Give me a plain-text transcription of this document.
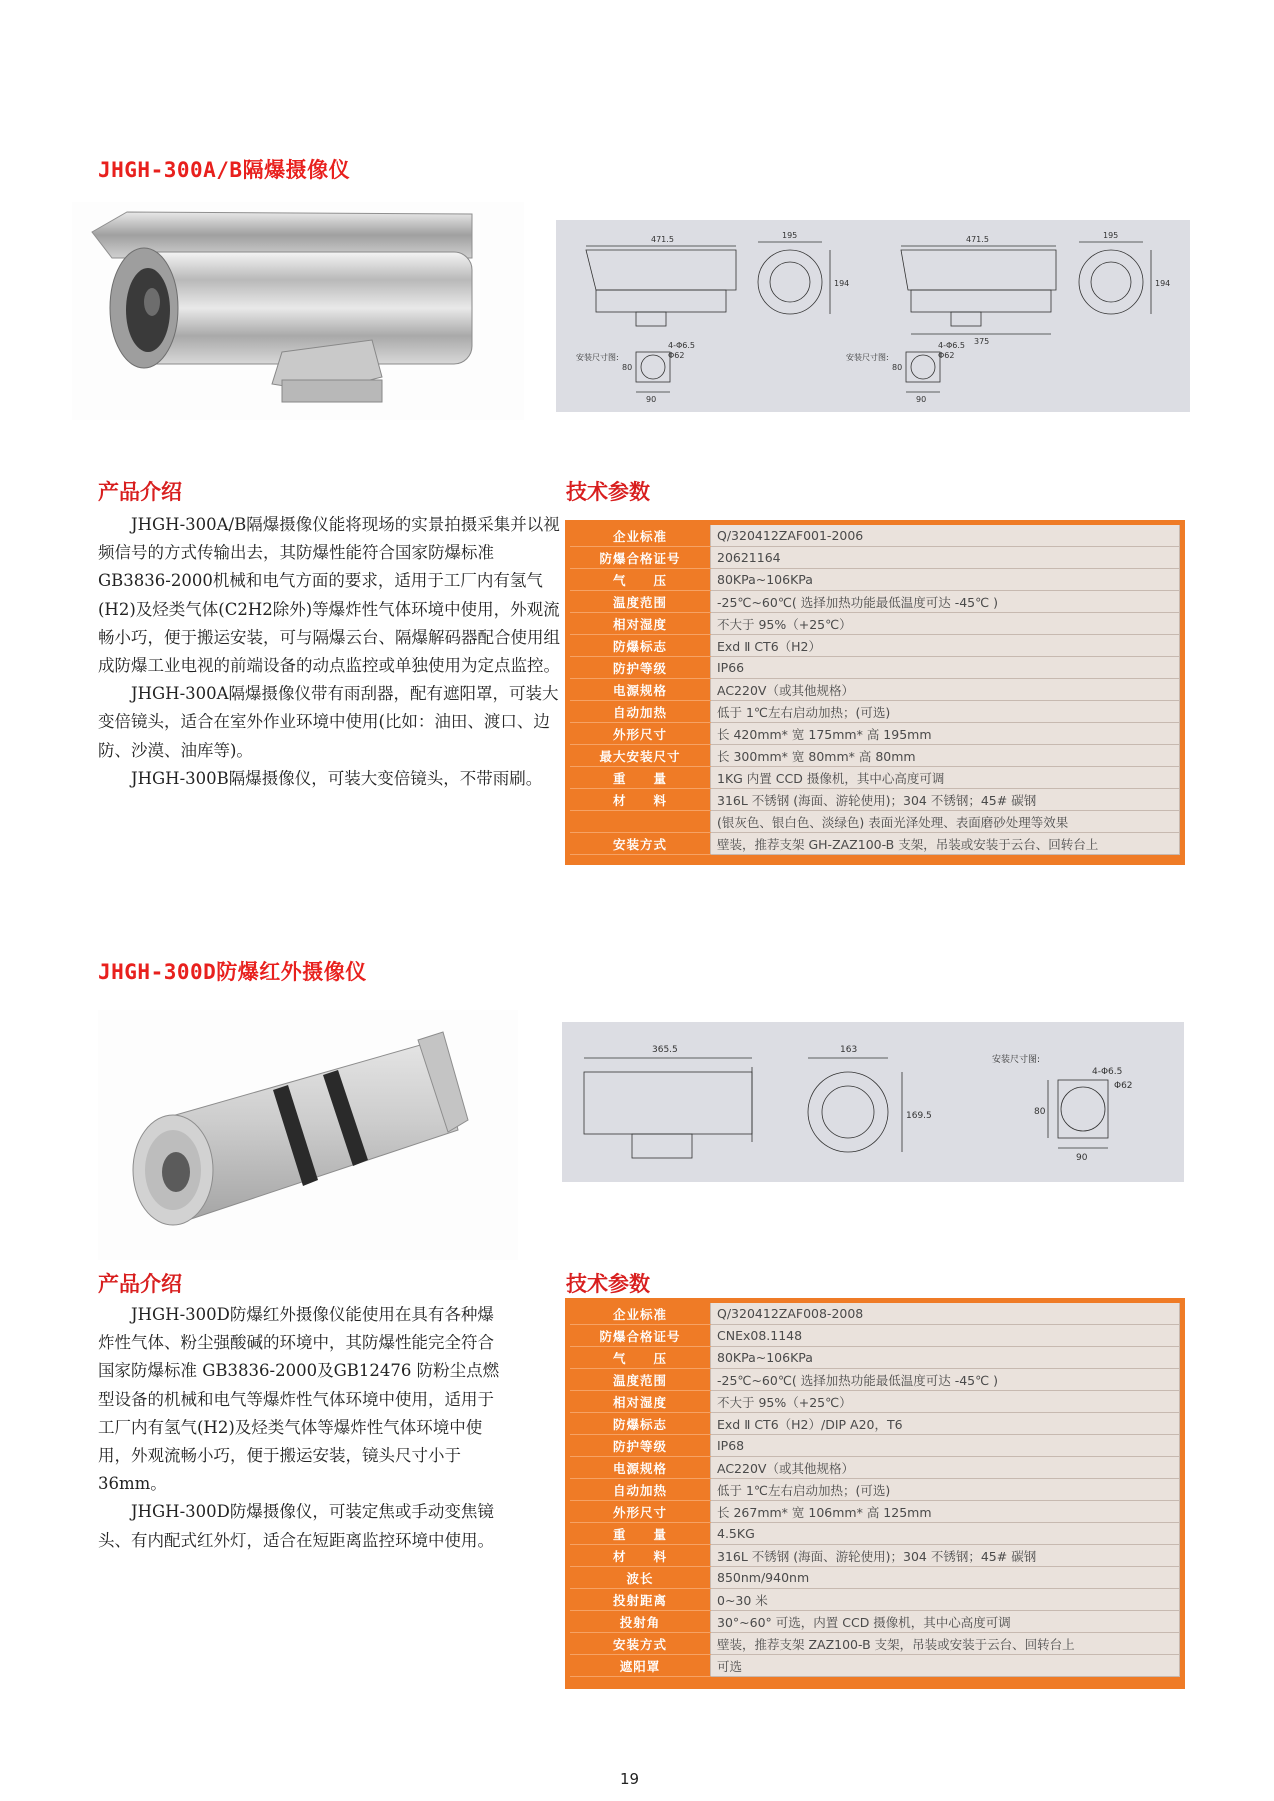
JHGH-300A/B隔爆摄像仪
471.5	195
194
安装尺寸图:
4-Φ6.5
Φ62
80
90
471.5	195
194
375
安装尺寸图:
4-Φ6.5
Φ62
80
90
产品介绍	技术参数

JHGH-300A/B隔爆摄像仪能将现场的实景拍摄采集并以视频信号的方式传输出去，其防爆性能符合国家防爆标准 GB3836-2000机械和电气方面的要求，适用于工厂内有氢气(H2)及烃类气体(C2H2除外)等爆炸性气体环境中使用，外观流畅小巧，便于搬运安装，可与隔爆云台、隔爆解码器配合使用组成防爆工业电视的前端设备的动点监控或单独使用为定点监控。

JHGH-300A隔爆摄像仪带有雨刮器，配有遮阳罩，可装大变倍镜头，适合在室外作业环境中使用(比如：油田、渡口、边防、沙漠、油库等)。

JHGH-300B隔爆摄像仪，可装大变倍镜头，不带雨刷。

企业标准	Q/320412ZAF001-2006
防爆合格证号	20621164
气　　压	80KPa~106KPa
温度范围	-25℃~60℃( 选择加热功能最低温度可达 -45℃ )
相对湿度	不大于 95%（+25℃）
防爆标志	Exd Ⅱ CT6（H2）
防护等级	IP66
电源规格	AC220V（或其他规格）
自动加热	低于 1℃左右启动加热；(可选)
外形尺寸	长 420mm* 宽 175mm* 高 195mm
最大安装尺寸	长 300mm* 宽 80mm* 高 80mm
重　　量	1KG 内置 CCD 摄像机，其中心高度可调
材　　料	316L 不锈钢 (海面、游轮使用)；304 不锈钢；45# 碳钢
	(银灰色、银白色、淡绿色) 表面光泽处理、表面磨砂处理等效果
安装方式	壁装，推荐支架 GH-ZAZ100-B 支架，吊装或安装于云台、回转台上
JHGH-300D防爆红外摄像仪
365.5	163
169.5
安装尺寸图:
4-Φ6.5
Φ62
80
90
产品介绍	技术参数

JHGH-300D防爆红外摄像仪能使用在具有各种爆炸性气体、粉尘强酸碱的环境中，其防爆性能完全符合国家防爆标准 GB3836-2000及GB12476 防粉尘点燃型设备的机械和电气等爆炸性气体环境中使用，适用于工厂内有氢气(H2)及烃类气体等爆炸性气体环境中使用，外观流畅小巧，便于搬运安装，镜头尺寸小于36mm。

JHGH-300D防爆摄像仪，可装定焦或手动变焦镜头、有内配式红外灯，适合在短距离监控环境中使用。

企业标准	Q/320412ZAF008-2008
防爆合格证号	CNEx08.1148
气　　压	80KPa~106KPa
温度范围	-25℃~60℃( 选择加热功能最低温度可达 -45℃ )
相对湿度	不大于 95%（+25℃）
防爆标志	Exd Ⅱ CT6（H2）/DIP A20，T6
防护等级	IP68
电源规格	AC220V（或其他规格）
自动加热	低于 1℃左右启动加热；(可选)
外形尺寸	长 267mm* 宽 106mm* 高 125mm
重　　量	4.5KG
材　　料	316L 不锈钢 (海面、游轮使用)；304 不锈钢；45# 碳钢
波长	850nm/940nm
投射距离	0~30 米
投射角	30°~60° 可选，内置 CCD 摄像机，其中心高度可调
安装方式	壁装，推荐支架 ZAZ100-B 支架，吊装或安装于云台、回转台上
遮阳罩	可选
19
